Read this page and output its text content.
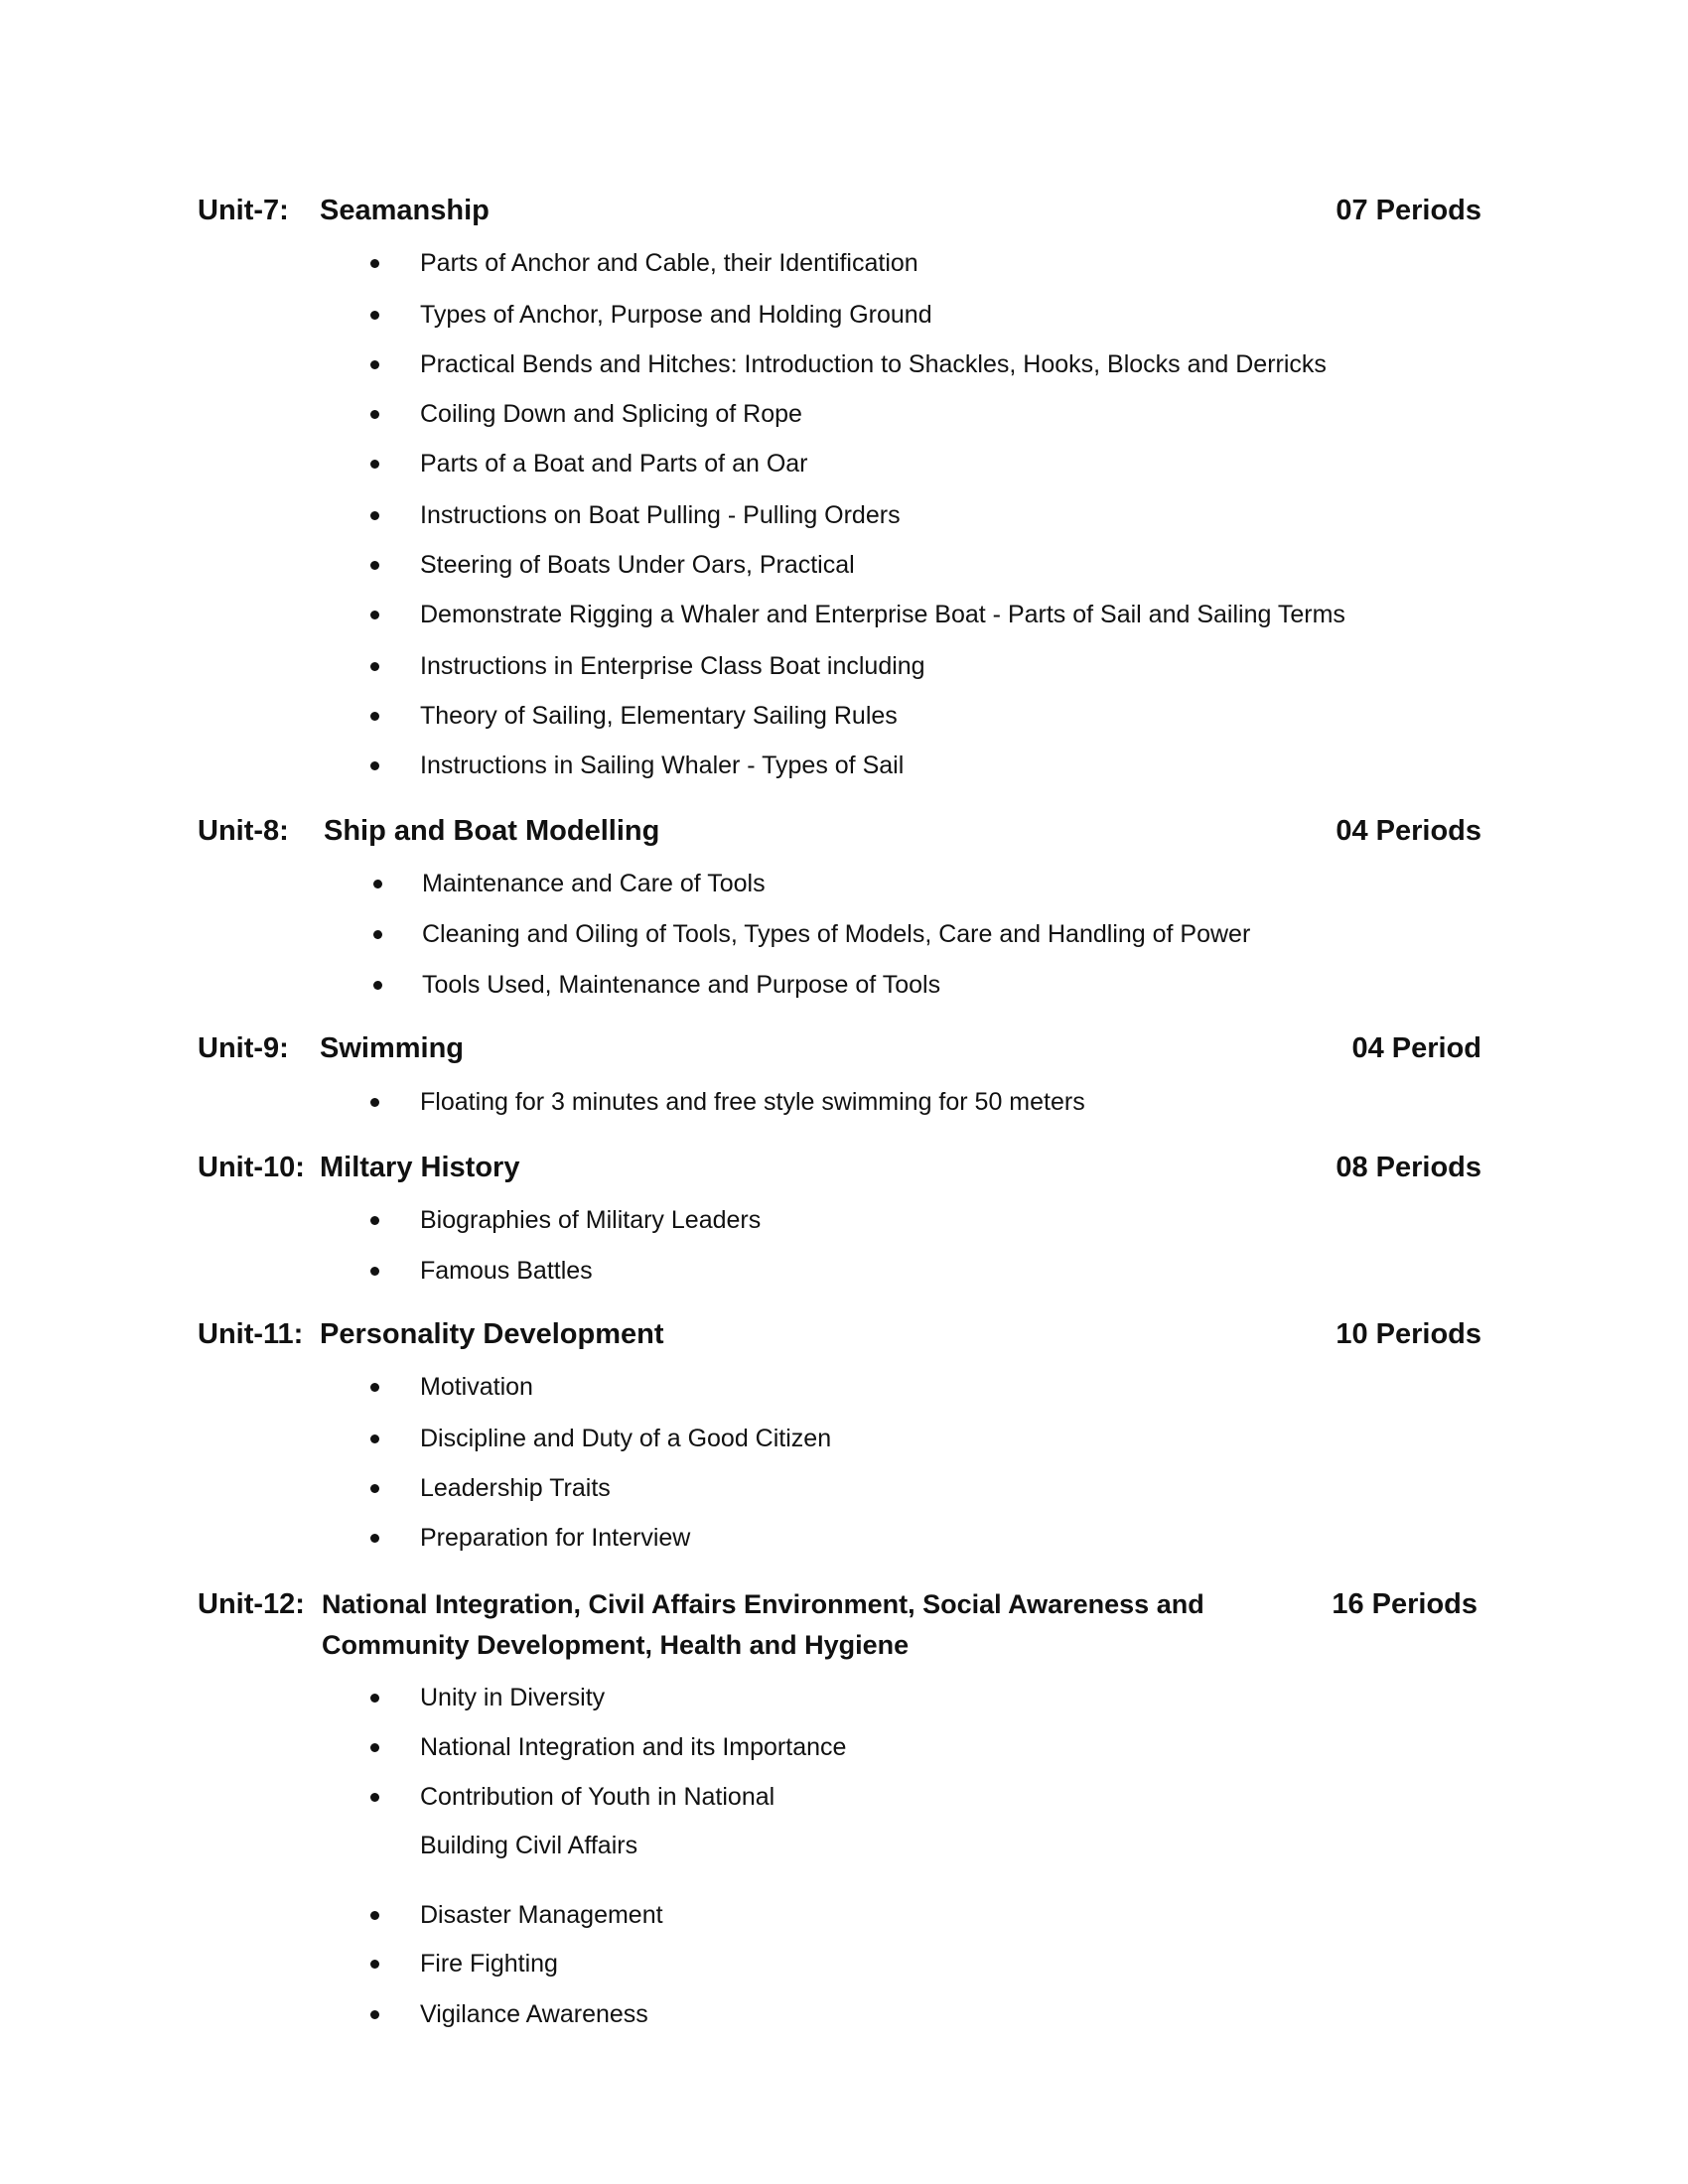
Unit-7: Seamanship	07 Periods
Parts of Anchor and Cable, their Identification
Types of Anchor, Purpose and Holding Ground
Practical Bends and Hitches: Introduction to Shackles, Hooks, Blocks and Derricks
Coiling Down and Splicing of Rope
Parts of a Boat and Parts of an Oar
Instructions on Boat Pulling - Pulling Orders
Steering of Boats Under Oars, Practical
Demonstrate Rigging a Whaler and Enterprise Boat - Parts of Sail and Sailing Terms
Instructions in Enterprise Class Boat including
Theory of Sailing, Elementary Sailing Rules
Instructions in Sailing Whaler - Types of Sail
Unit-8: Ship and Boat Modelling	04 Periods
Maintenance and Care of Tools
Cleaning and Oiling of Tools, Types of Models, Care and Handling of Power
Tools Used, Maintenance and Purpose of Tools
Unit-9: Swimming	04 Period
Floating for 3 minutes and free style swimming for 50 meters
Unit-10: Miltary History	08 Periods
Biographies of Military Leaders
Famous Battles
Unit-11: Personality Development	10 Periods
Motivation
Discipline and Duty of a Good Citizen
Leadership Traits
Preparation for Interview
Unit-12: National Integration, Civil Affairs Environment, Social Awareness and
Community Development, Health and Hygiene
16 Periods
Unity in Diversity
National Integration and its Importance
Contribution of Youth in National
Building Civil Affairs
Disaster Management
Fire Fighting
Vigilance Awareness
